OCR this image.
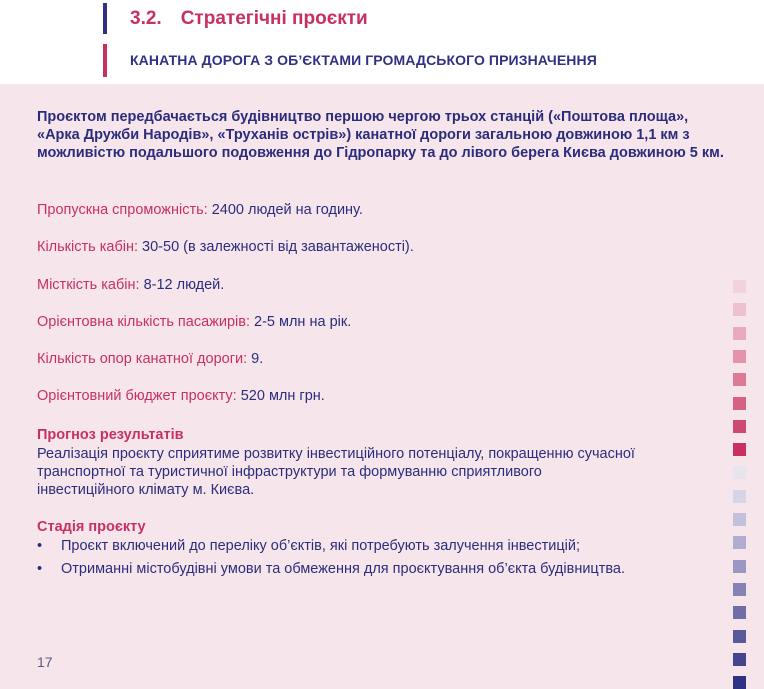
3.2. Стратегічні проєкти
КАНАТНА ДОРОГА З ОБ’ЄКТАМИ ГРОМАДСЬКОГО ПРИЗНАЧЕННЯ
Проєктом передбачається будівництво першою чергою трьох станцій («Поштова площа», «Арка Дружби Народів», «Труханів острів») канатної дороги загальною довжиною 1,1 км з можливістю подальшого подовження до Гідропарку та до лівого берега Києва довжиною 5 км.
Пропускна спроможність: 2400 людей на годину.
Кількість кабін: 30-50 (в залежності від завантаженості).
Місткість кабін: 8-12 людей.
Орієнтовна кількість пасажирів: 2-5 млн на рік.
Кількість опор канатної дороги: 9.
Орієнтовний бюджет проєкту: 520 млн грн.
Прогноз результатів
Реалізація проєкту сприятиме розвитку інвестиційного потенціалу, покращенню сучасної транспортної та туристичної інфраструктури та формуванню сприятливого інвестиційного клімату м. Києва.
Стадія проєкту
• Проєкт включений до переліку об’єктів, які потребують залучення інвестицій;
• Отриманні містобудівні умови та обмеження для проєктування об’єкта будівництва.
17
